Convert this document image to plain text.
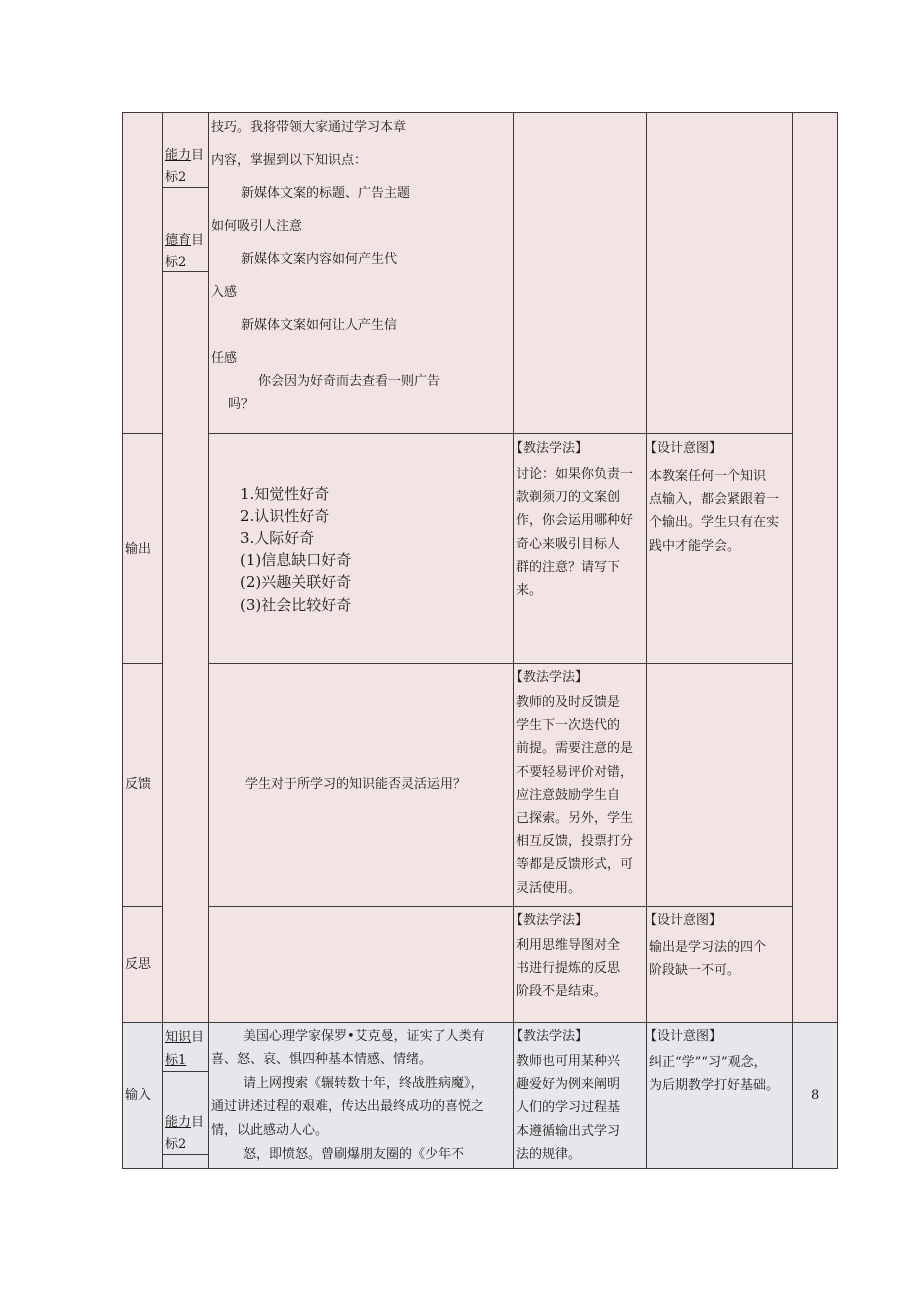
能力目
标2
德育目
标2
技巧。我将带领大家通过学习本章
内容，掌握到以下知识点：
新媒体文案的标题、广告主题
如何吸引人注意
新媒体文案内容如何产生代
入感
新媒体文案如何让人产生信
任感
你会因为好奇而去查看一则广告
吗？
输出
1.知觉性好奇
2.认识性好奇
3.人际好奇
(1)信息缺口好奇
(2)兴趣关联好奇
(3)社会比较好奇
【教法学法】
讨论：如果你负责一
款剃须刀的文案创
作，你会运用哪种好
奇心来吸引目标人
群的注意？请写下
来。
【设计意图】
本教案任何一个知识
点输入，都会紧跟着一
个输出。学生只有在实
践中才能学会。
反馈	学生对于所学习的知识能否灵活运用？
【教法学法】
教师的及时反馈是
学生下一次迭代的
前提。需要注意的是
不要轻易评价对错，
应注意鼓励学生自
己探索。另外，学生
相互反馈，投票打分
等都是反馈形式，可
灵活使用。
反思
【教法学法】
利用思维导图对全
书进行提炼的反思
阶段不是结束。
【设计意图】
输出是学习法的四个
阶段缺一不可。
输入
知识目
标1
能力目
标2
美国心理学家保罗•艾克曼，证实了人类有
喜、怒、哀、惧四种基本情感、情绪。
请上网搜索《辗转数十年，终战胜病魔》，
通过讲述过程的艰难，传达出最终成功的喜悦之
情，以此感动人心。
怒，即愤怒。曾刷爆朋友圈的《少年不
【教法学法】
教师也可用某种兴
趣爱好为例来阐明
人们的学习过程基
本遵循输出式学习
法的规律。
【设计意图】
纠正“学”“习”观念，
为后期教学打好基础。
8
